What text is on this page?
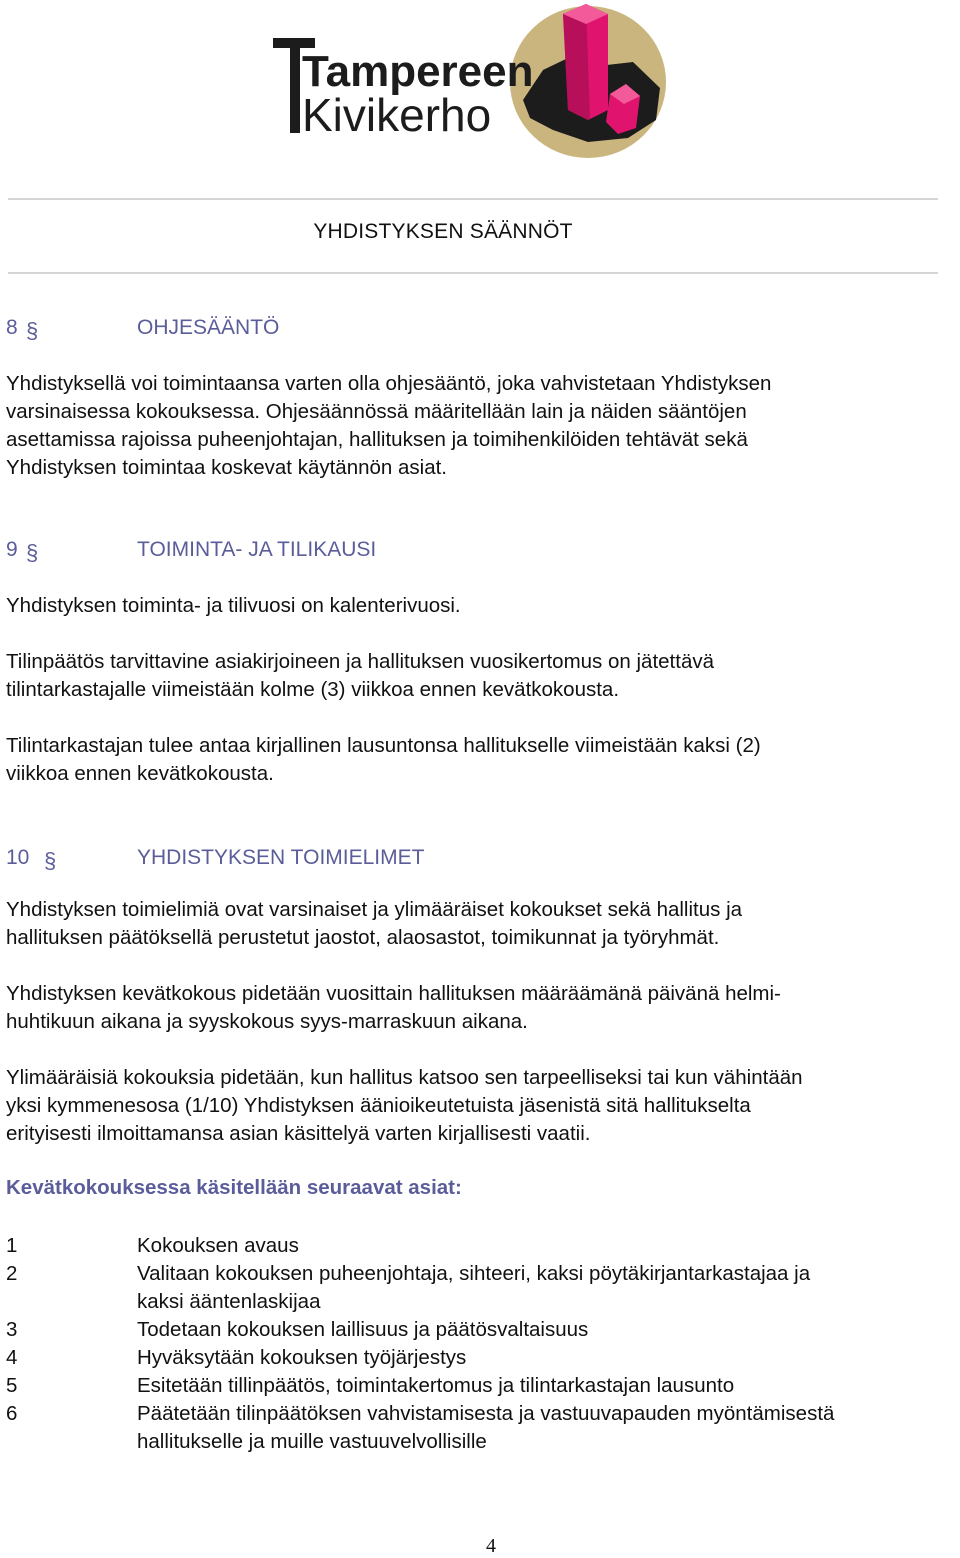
Tampereen
Kivikerho
YHDISTYKSEN SÄÄNNÖT
8 §	OHJESÄÄNTÖ
Yhdistyksellä voi toimintaansa varten olla ohjesääntö, joka vahvistetaan Yhdistyksen
varsinaisessa kokouksessa. Ohjesäännössä määritellään lain ja näiden sääntöjen
asettamissa rajoissa puheenjohtajan, hallituksen ja toimihenkilöiden tehtävät sekä
Yhdistyksen toimintaa koskevat käytännön asiat.
9 §	TOIMINTA- JA TILIKAUSI
Yhdistyksen toiminta- ja tilivuosi on kalenterivuosi.
Tilinpäätös tarvittavine asiakirjoineen ja hallituksen vuosikertomus on jätettävä
tilintarkastajalle viimeistään kolme (3) viikkoa ennen kevätkokousta.
Tilintarkastajan tulee antaa kirjallinen lausuntonsa hallitukselle viimeistään kaksi (2)
viikkoa ennen kevätkokousta.
10 §	YHDISTYKSEN TOIMIELIMET
Yhdistyksen toimielimiä ovat varsinaiset ja ylimääräiset kokoukset sekä hallitus ja
hallituksen päätöksellä perustetut jaostot, alaosastot, toimikunnat ja työryhmät.
Yhdistyksen kevätkokous pidetään vuosittain hallituksen määräämänä päivänä helmi-
huhtikuun aikana ja syyskokous syys-marraskuun aikana.
Ylimääräisiä kokouksia pidetään, kun hallitus katsoo sen tarpeelliseksi tai kun vähintään
yksi kymmenesosa (1/10) Yhdistyksen äänioikeutetuista jäsenistä sitä hallitukselta
erityisesti ilmoittamansa asian käsittelyä varten kirjallisesti vaatii.
Kevätkokouksessa käsitellään seuraavat asiat:
1	Kokouksen avaus
2	Valitaan kokouksen puheenjohtaja, sihteeri, kaksi pöytäkirjantarkastajaa ja
kaksi ääntenlaskijaa
3	Todetaan kokouksen laillisuus ja päätösvaltaisuus
4	Hyväksytään kokouksen työjärjestys
5	Esitetään tillinpäätös, toimintakertomus ja tilintarkastajan lausunto
6	Päätetään tilinpäätöksen vahvistamisesta ja vastuuvapauden myöntämisestä
hallitukselle ja muille vastuuvelvollisille
4
